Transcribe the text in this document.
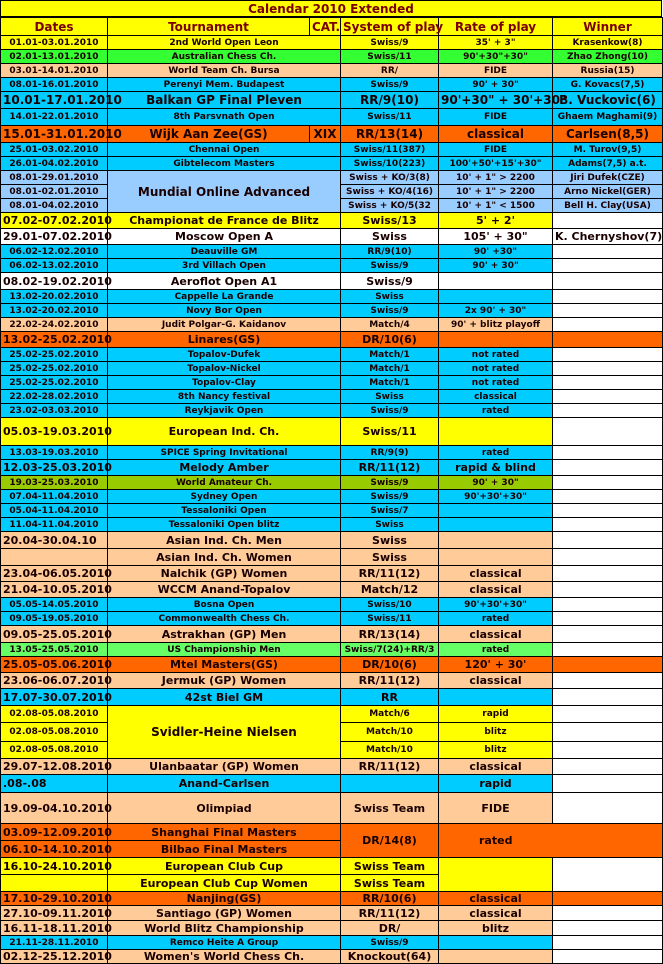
Calendar 2010 Extended
Dates	Tournament	CAT.	System of play	Rate of play	Winner
01.01-03.01.2010	2nd World Open Leon		Swiss/9	35' + 3"	Krasenkow(8)
02.01-13.01.2010	Australian Chess Ch.		Swiss/11	90'+30"+30"	Zhao Zhong(10)
03.01-14.01.2010	World Team Ch. Bursa		RR/	FIDE	Russia(15)
08.01-16.01.2010	Perenyi Mem. Budapest		Swiss/9	90' + 30"	G. Kovacs(7,5)
10.01-17.01.2010	Balkan GP Final Pleven		RR/9(10)	90'+30" + 30'+30"	B. Vuckovic(6)
14.01-22.01.2010	8th Parsvnath Open		Swiss/11	FIDE	Ghaem Maghami(9)
15.01-31.01.2010	Wijk Aan Zee(GS)	XIX	RR/13(14)	classical	Carlsen(8,5)
25.01-03.02.2010	Chennai Open		Swiss/11(387)	FIDE	M. Turov(9,5)
26.01-04.02.2010	Gibtelecom Masters		Swiss/10(223)	100'+50'+15'+30"	Adams(7,5) a.t.
08.01-29.01.2010	Mundial Online Advanced		Swiss + KO/3(8)	10' + 1" > 2200	Jiri Dufek(CZE)
08.01-02.01.2010			Swiss + KO/4(16)	10' + 1" > 2200	Arno Nickel(GER)
08.01-04.02.2010			Swiss + KO/5(32	10' + 1" < 1500	Bell H. Clay(USA)
07.02-07.02.2010	Championat de France de Blitz		Swiss/13	5' + 2'	
29.01-07.02.2010	Moscow Open A		Swiss	105' + 30"	K. Chernyshov(7)
06.02-12.02.2010	Deauville GM		RR/9(10)	90' +30"	
06.02-13.02.2010	3rd Villach Open		Swiss/9	90' + 30"	
08.02-19.02.2010	Aeroflot Open A1		Swiss/9		
13.02-20.02.2010	Cappelle La Grande		Swiss		
13.02-20.02.2010	Novy Bor Open		Swiss/9	2x 90' + 30"	
22.02-24.02.2010	Judit Polgar-G. Kaidanov		Match/4	90' + blitz playoff	
13.02-25.02.2010	Linares(GS)		DR/10(6)		
25.02-25.02.2010	Topalov-Dufek		Match/1	not rated	
25.02-25.02.2010	Topalov-Nickel		Match/1	not rated	
25.02-25.02.2010	Topalov-Clay		Match/1	not rated	
22.02-28.02.2010	8th Nancy festival		Swiss	classical	
23.02-03.03.2010	Reykjavik Open		Swiss/9	rated	
05.03-19.03.2010	European Ind. Ch.		Swiss/11		
13.03-19.03.2010	SPICE Spring Invitational		RR/9(9)	rated	
12.03-25.03.2010	Melody Amber		RR/11(12)	rapid & blind	
19.03-25.03.2010	World Amateur Ch.		Swiss/9	90' + 30"	
07.04-11.04.2010	Sydney Open		Swiss/9	90'+30'+30"	
05.04-11.04.2010	Tessaloniki Open		Swiss/7		
11.04-11.04.2010	Tessaloniki Open blitz		Swiss		
20.04-30.04.10	Asian Ind. Ch. Men		Swiss		
	Asian Ind. Ch. Women		Swiss		
23.04-06.05.2010	Nalchik (GP) Women		RR/11(12)	classical	
21.04-10.05.2010	WCCM Anand-Topalov		Match/12	classical	
05.05-14.05.2010	Bosna Open		Swiss/10	90'+30'+30"	
09.05-19.05.2010	Commonwealth Chess Ch.		Swiss/11	rated	
09.05-25.05.2010	Astrakhan (GP) Men		RR/13(14)	classical	
13.05-25.05.2010	US Championship Men		Swiss/7(24)+RR/3	rated	
25.05-05.06.2010	Mtel Masters(GS)		DR/10(6)	120' + 30'	
23.06-06.07.2010	Jermuk (GP) Women		RR/11(12)	classical	
17.07-30.07.2010	42st Biel GM		RR		
02.08-05.08.2010	Svidler-Heine Nielsen		Match/6	rapid	
02.08-05.08.2010			Match/10	blitz	
02.08-05.08.2010			Match/10	blitz	
29.07-12.08.2010	Ulanbaatar (GP) Women		RR/11(12)	classical	
.08-.08	Anand-Carlsen			rapid	
19.09-04.10.2010	Olimpiad		Swiss Team	FIDE	
03.09-12.09.2010	Shanghai Final Masters		DR/14(8)	rated	
06.10-14.10.2010	Bilbao Final Masters				
16.10-24.10.2010	European Club Cup		Swiss Team		
	European Club Cup Women		Swiss Team		
17.10-29.10.2010	Nanjing(GS)		RR/10(6)	classical	
27.10-09.11.2010	Santiago (GP) Women		RR/11(12)	classical	
16.11-18.11.2010	World Blitz Championship		DR/	blitz	
21.11-28.11.2010	Remco Heite A Group		Swiss/9		
02.12-25.12.2010	Women's World Chess Ch.		Knockout(64)		
